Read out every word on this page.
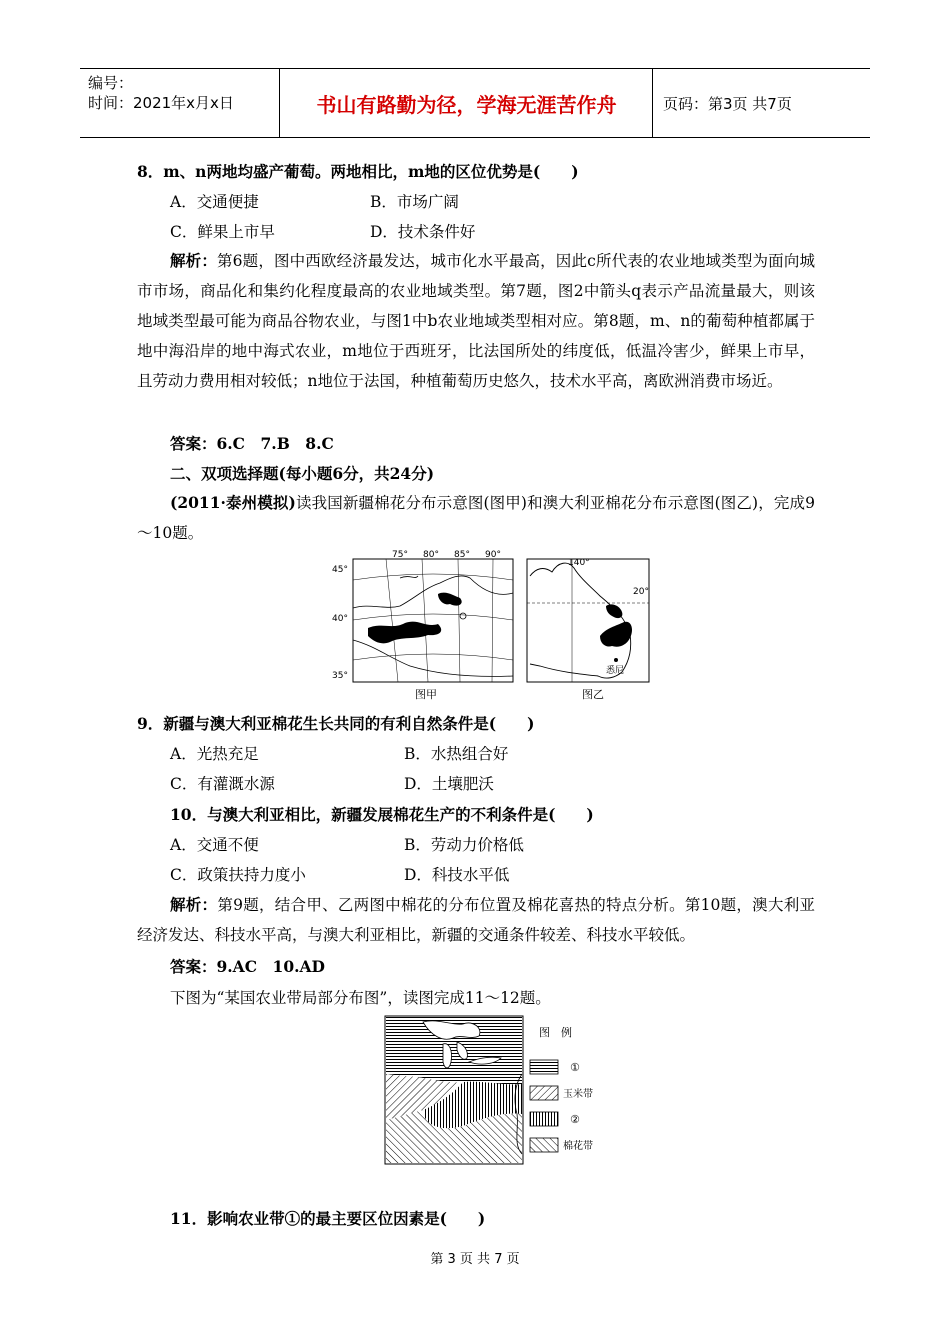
编号：
时间：2021年x月x日	书山有路勤为径，学海无涯苦作舟	页码：第3页 共7页
8．m、n两地均盛产葡萄。两地相比，m地的区位优势是(　　)
A．交通便捷	B．市场广阔
C．鲜果上市早	D．技术条件好
解析：第6题，图中西欧经济最发达，城市化水平最高，因此c所代表的农业地域类型为面向城市市场，商品化和集约化程度最高的农业地域类型。第7题，图2中箭头q表示产品流量最大，则该地域类型最可能为商品谷物农业，与图1中b农业地域类型相对应。第8题，m、n的葡萄种植都属于地中海沿岸的地中海式农业，m地位于西班牙，比法国所处的纬度低，低温冷害少，鲜果上市早，且劳动力费用相对较低；n地位于法国，种植葡萄历史悠久，技术水平高，离欧洲消费市场近。
答案：6.C　7.B　8.C
二、双项选择题(每小题6分，共24分)
(2011·泰州模拟)读我国新疆棉花分布示意图(图甲)和澳大利亚棉花分布示意图(图乙)，完成9～10题。
75° 80° 85° 90°
45°
40°
35°
140°
20°
悉尼
图甲	图乙
9．新疆与澳大利亚棉花生长共同的有利自然条件是(　　)
A．光热充足	B．水热组合好
C．有灌溉水源	D．土壤肥沃
10．与澳大利亚相比，新疆发展棉花生产的不利条件是(　　)
A．交通不便	B．劳动力价格低
C．政策扶持力度小	D．科技水平低
解析：第9题，结合甲、乙两图中棉花的分布位置及棉花喜热的特点分析。第10题，澳大利亚经济发达、科技水平高，与澳大利亚相比，新疆的交通条件较差、科技水平较低。
答案：9.AC　10.AD
下图为“某国农业带局部分布图”，读图完成11～12题。
图　例
①
玉米带
②
棉花带
11．影响农业带①的最主要区位因素是(　　)
第 3 页 共 7 页
